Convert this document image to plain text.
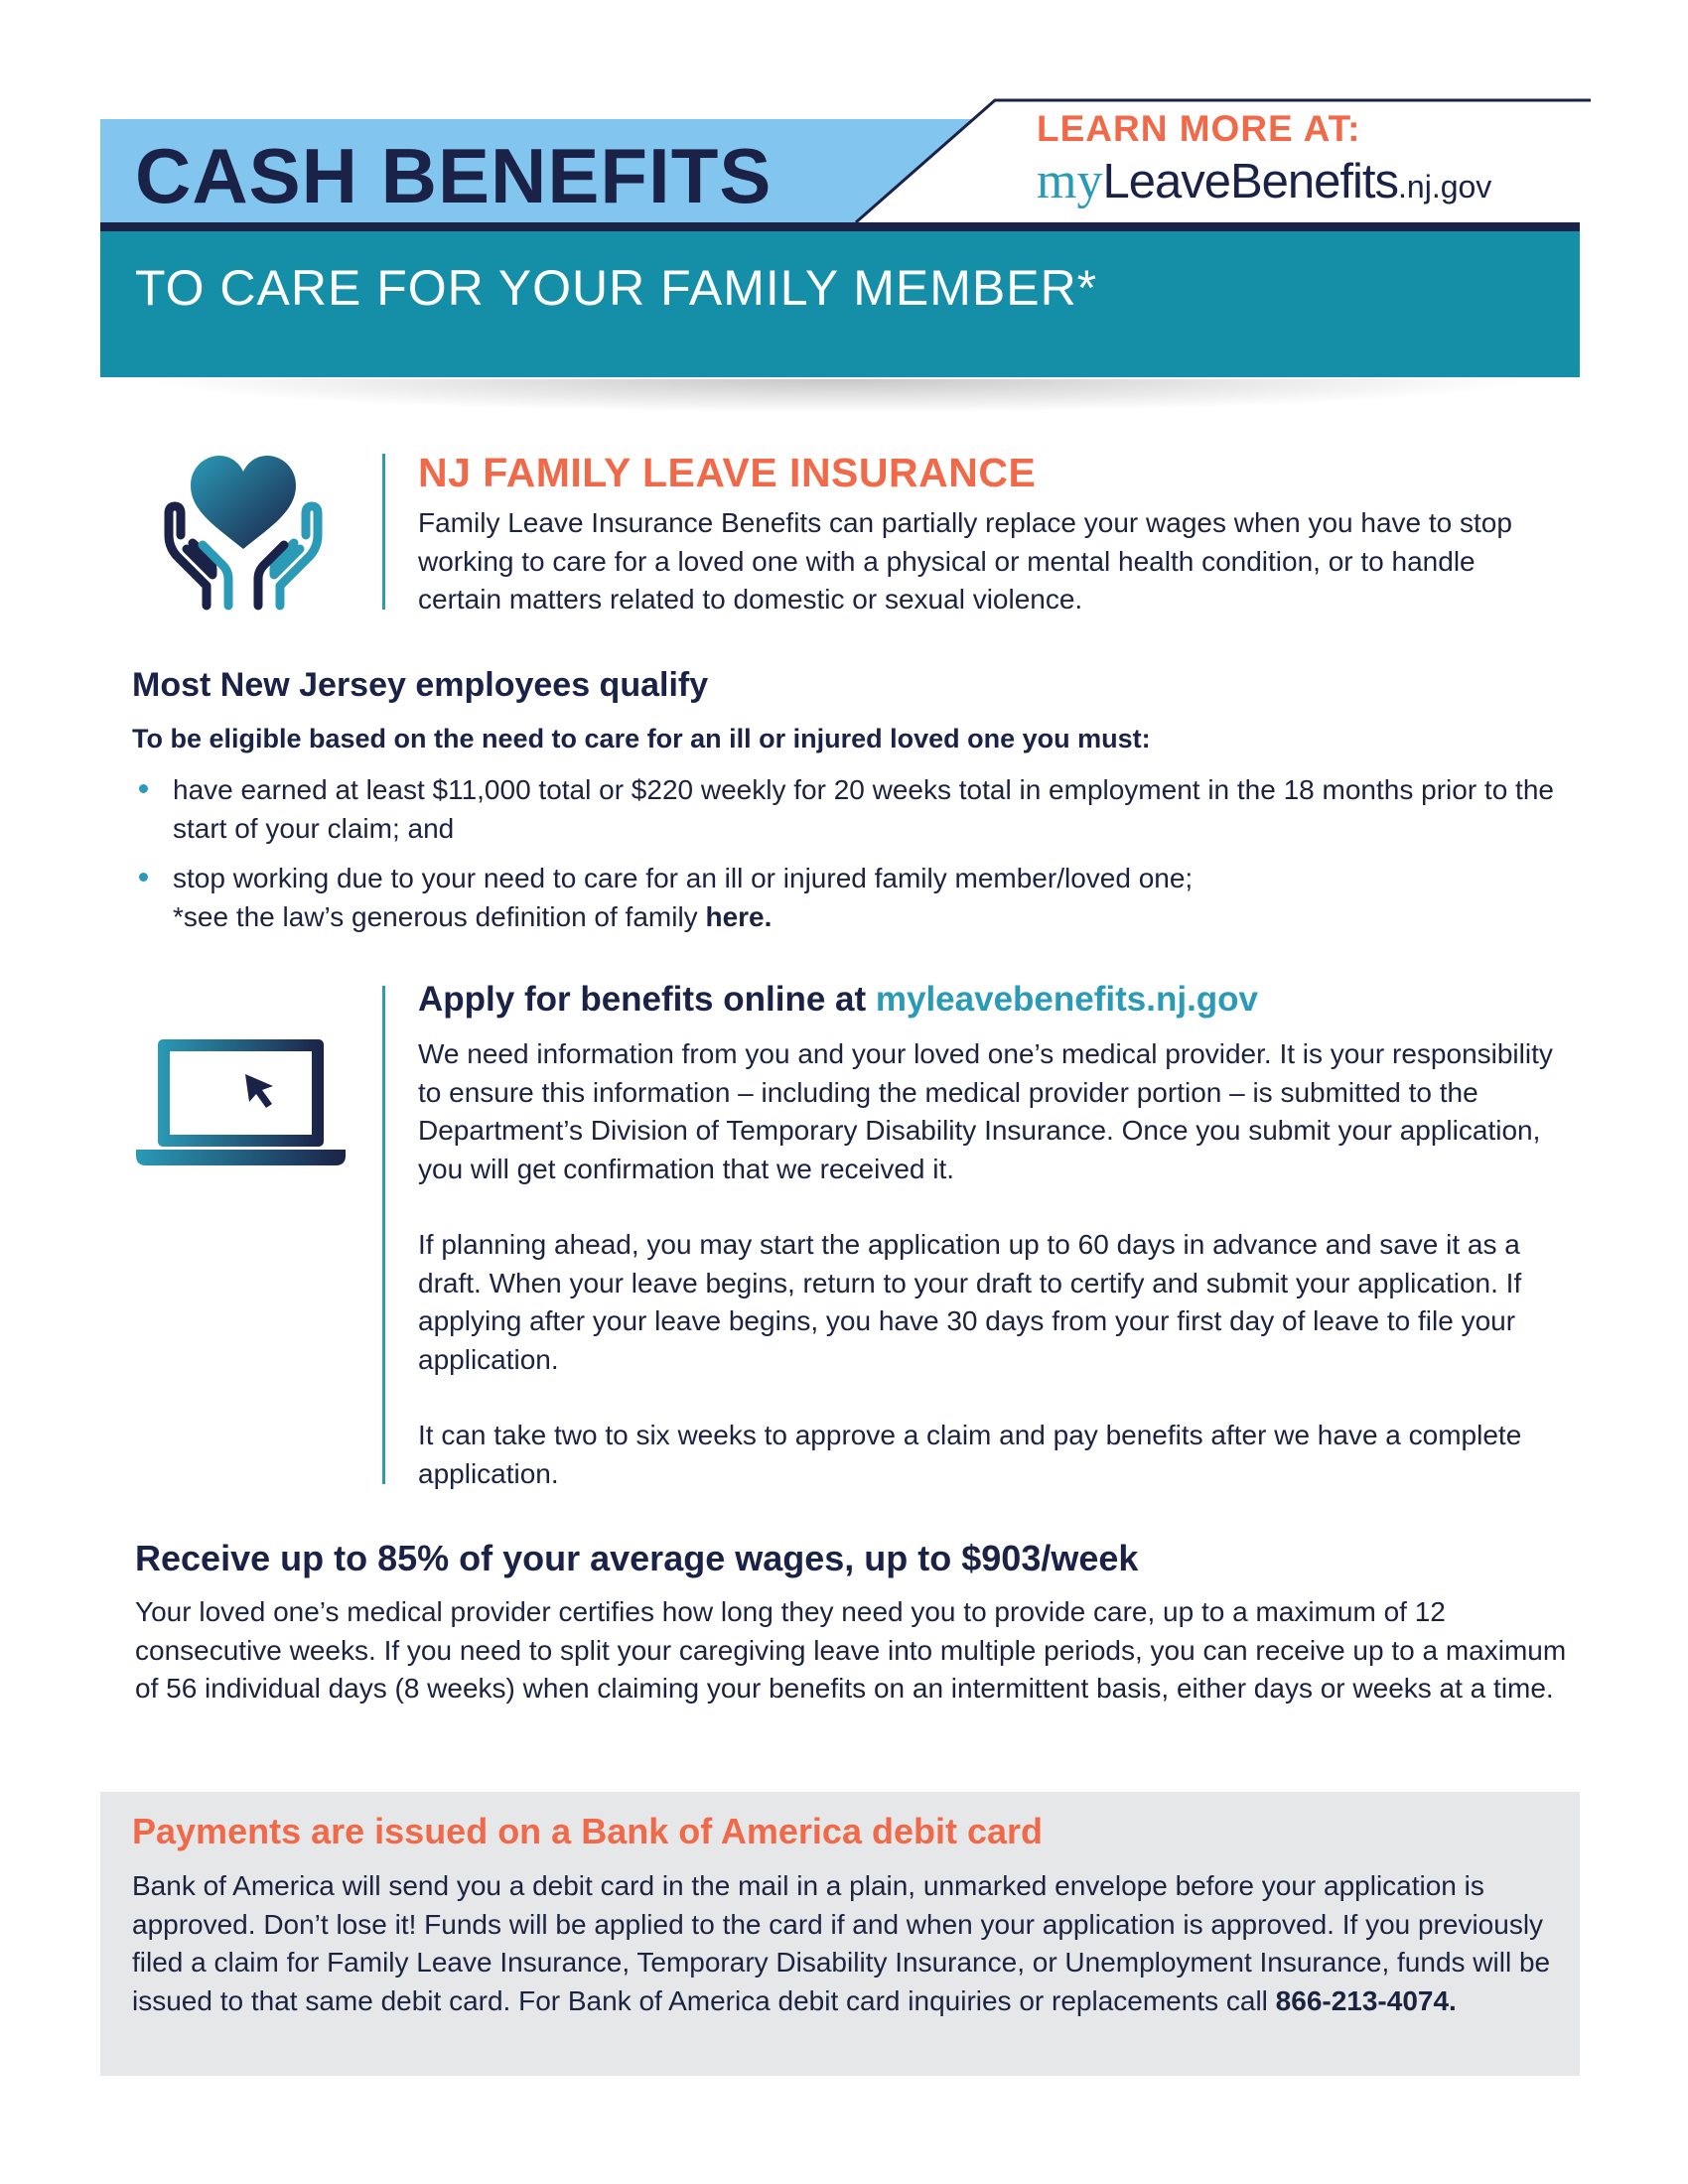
CASH BENEFITS
TO CARE FOR YOUR FAMILY MEMBER*
LEARN MORE AT:
myLeaveBenefits.nj.gov
NJ FAMILY LEAVE INSURANCE
Family Leave Insurance Benefits can partially replace your wages when you have to stop working to care for a loved one with a physical or mental health condition, or to handle certain matters related to domestic or sexual violence.
Most New Jersey employees qualify
To be eligible based on the need to care for an ill or injured loved one you must:
have earned at least $11,000 total or $220 weekly for 20 weeks total in employment in the 18 months prior to the start of your claim; and
stop working due to your need to care for an ill or injured family member/loved one;
*see the law’s generous definition of family here.
Apply for benefits online at myleavebenefits.nj.gov

We need information from you and your loved one’s medical provider. It is your responsibility to ensure this information – including the medical provider portion – is submitted to the Department’s Division of Temporary Disability Insurance. Once you submit your application, you will get confirmation that we received it.

If planning ahead, you may start the application up to 60 days in advance and save it as a draft. When your leave begins, return to your draft to certify and submit your application. If applying after your leave begins, you have 30 days from your first day of leave to file your application.

It can take two to six weeks to approve a claim and pay benefits after we have a complete application.

Receive up to 85% of your average wages, up to $903/week
Your loved one’s medical provider certifies how long they need you to provide care, up to a maximum of 12 consecutive weeks. If you need to split your caregiving leave into multiple periods, you can receive up to a maximum of 56 individual days (8 weeks) when claiming your benefits on an intermittent basis, either days or weeks at a time.
Payments are issued on a Bank of America debit card
Bank of America will send you a debit card in the mail in a plain, unmarked envelope before your application is approved. Don’t lose it! Funds will be applied to the card if and when your application is approved. If you previously filed a claim for Family Leave Insurance, Temporary Disability Insurance, or Unemployment Insurance, funds will be issued to that same debit card. For Bank of America debit card inquiries or replacements call 866-213-4074.
